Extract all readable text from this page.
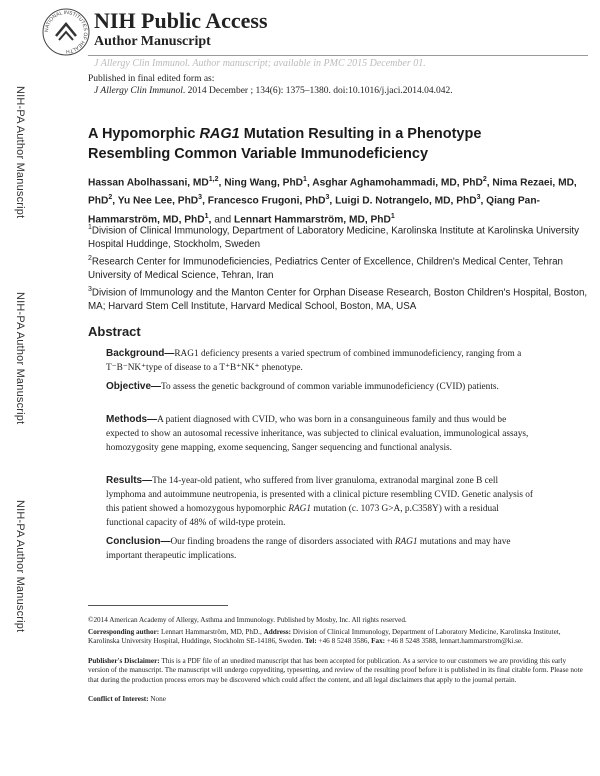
NIH-PA Author Manuscript
NIH-PA Author Manuscript
NIH-PA Author Manuscript
NATIONAL INSTITUTES OF HEALTH
NIH Public Access
Author Manuscript
J Allergy Clin Immunol. Author manuscript; available in PMC 2015 December 01.
Published in final edited form as:
J Allergy Clin Immunol. 2014 December ; 134(6): 1375–1380. doi:10.1016/j.jaci.2014.04.042.
A Hypomorphic RAG1 Mutation Resulting in a Phenotype Resembling Common Variable Immunodeficiency
Hassan Abolhassani, MD$^{1,2}$, Ning Wang, PhD$^1$, Asghar Aghamohammadi, MD, PhD$^2$, Nima Rezaei, MD, PhD$^2$, Yu Nee Lee, PhD$^3$, Francesco Frugoni, PhD$^3$, Luigi D. Notrangelo, MD, PhD$^3$, Qiang Pan-Hammarström, MD, PhD$^1$, and Lennart Hammarström, MD, PhD$^1$
$^1$Division of Clinical Immunology, Department of Laboratory Medicine, Karolinska Institute at Karolinska University Hospital Huddinge, Stockholm, Sweden
$^2$Research Center for Immunodeficiencies, Pediatrics Center of Excellence, Children's Medical Center, Tehran University of Medical Science, Tehran, Iran
$^3$Division of Immunology and the Manton Center for Orphan Disease Research, Boston Children's Hospital, Boston, MA; Harvard Stem Cell Institute, Harvard Medical School, Boston, MA, USA
Abstract
Background—RAG1 deficiency presents a varied spectrum of combined immunodeficiency, ranging from a T⁻B⁻NK⁺type of disease to a T⁺B⁺NK⁺ phenotype.
Objective—To assess the genetic background of common variable immunodeficiency (CVID) patients.
Methods—A patient diagnosed with CVID, who was born in a consanguineous family and thus would be expected to show an autosomal recessive inheritance, was subjected to clinical evaluation, immunological assays, homozygosity gene mapping, exome sequencing, Sanger sequencing and functional analysis.
Results—The 14-year-old patient, who suffered from liver granuloma, extranodal marginal zone B cell lymphoma and autoimmune neutropenia, is presented with a clinical picture resembling CVID. Genetic analysis of this patient showed a homozygous hypomorphic RAG1 mutation (c. 1073 G>A, p.C358Y) with a residual functional capacity of 48% of wild-type protein.
Conclusion—Our finding broadens the range of disorders associated with RAG1 mutations and may have important therapeutic implications.
©2014 American Academy of Allergy, Asthma and Immunology. Published by Mosby, Inc. All rights reserved.
Corresponding author: Lennart Hammarström, MD, PhD., Address: Division of Clinical Immunology, Department of Laboratory Medicine, Karolinska Institutet, Karolinska University Hospital, Huddinge, Stockholm SE-14186, Sweden. Tel: +46 8 5248 3586, Fax: +46 8 5248 3588, lennart.hammarstrom@ki.se.
Publisher's Disclaimer: This is a PDF file of an unedited manuscript that has been accepted for publication. As a service to our customers we are providing this early version of the manuscript. The manuscript will undergo copyediting, typesetting, and review of the resulting proof before it is published in its final citable form. Please note that during the production process errors may be discovered which could affect the content, and all legal disclaimers that apply to the journal pertain.
Conflict of Interest: None
